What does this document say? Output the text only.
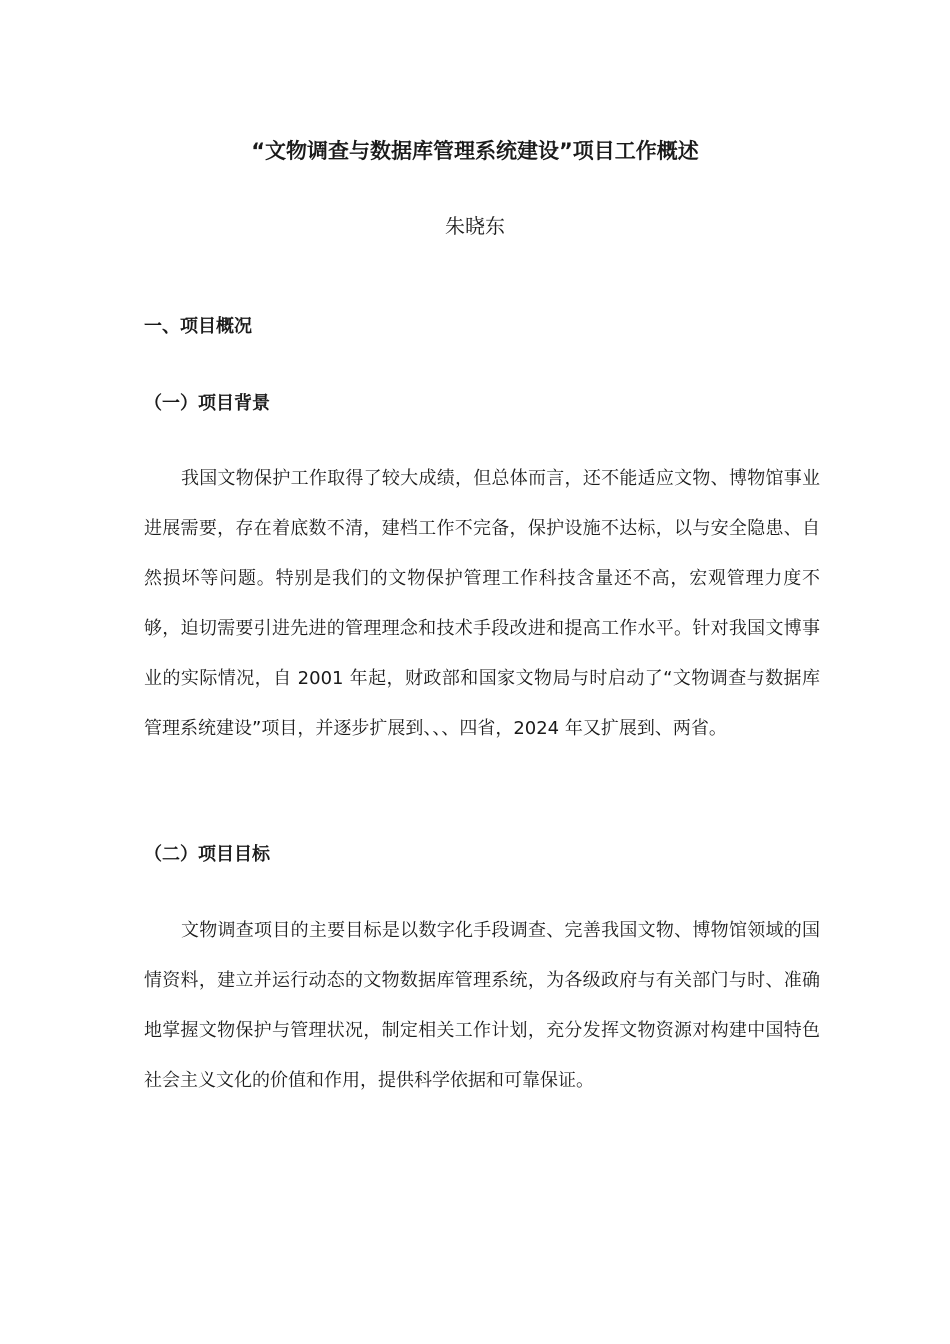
“文物调查与数据库管理系统建设”项目工作概述
朱晓东
一、项目概况
（一）项目背景

我国文物保护工作取得了较大成绩，但总体而言，还不能适应文物、博物馆事业进展需要，存在着底数不清，建档工作不完备，保护设施不达标，以与安全隐患、自然损坏等问题。特别是我们的文物保护管理工作科技含量还不高，宏观管理力度不够，迫切需要引进先进的管理理念和技术手段改进和提高工作水平。针对我国文博事业的实际情况，自 2001 年起，财政部和国家文物局与时启动了“文物调查与数据库管理系统建设”项目，并逐步扩展到、、、四省，2024 年又扩展到、两省。

（二）项目目标

文物调查项目的主要目标是以数字化手段调查、完善我国文物、博物馆领域的国情资料，建立并运行动态的文物数据库管理系统，为各级政府与有关部门与时、准确地掌握文物保护与管理状况，制定相关工作计划，充分发挥文物资源对构建中国特色社会主义文化的价值和作用，提供科学依据和可靠保证。
